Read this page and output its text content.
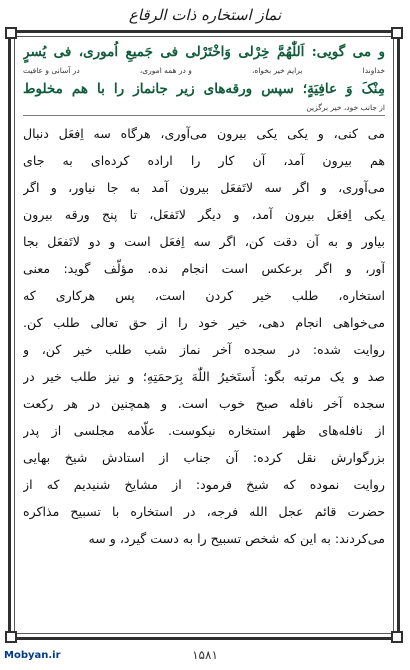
نماز استخاره ذات الرقاع
و می گویی: اَللّٰهُمَّ خِرْلی وَاخْتَرْلی فی جَمیعِ اُموری، فی یُسرٍ
خداوندا
برایم خیر بخواه،
و در همه اموری،
در آسانی و عافیت
مِنْکَ وَ عافِیَةٍ؛ سپس ورقه‌های زیر جانماز را با هم مخلوط
از جانب خود، خیر برگزین
می کنی، و یکی یکی بیرون می‌آوری، هرگاه سه اِفعَل دنبال
هم بیرون آمد، آن کار را اراده کرده‌ای به جای
می‌آوری، و اگر سه لاتَفعَل بیرون آمد به جا نیاور، و اگر
یکی اِفعَل بیرون آمد، و دیگر لاتَفعَل، تا پنج ورقه بیرون
بیاور و به آن دقت کن، اگر سه اِفعَل است و دو لاتَفعَل بجا
آور، و اگر برعکس است انجام نده. مؤلّف گوید: معنی
استخاره، طلب خیر کردن است، پس هرکاری که
می‌خواهی انجام دهی، خیر خود را از حق تعالی طلب کن.
روایت شده: در سجده آخر نماز شب طلب خیر کن، و
صد و یک مرتبه بگو: أَستَخیرُ اللّٰهَ بِرَحمَتِهِ؛ و نیز طلب خیر در
سجده آخر نافله صبح خوب است. و همچنین در هر رکعت
از نافله‌های ظهر استخاره نیکوست. علّامه مجلسی از پدر
بزرگوارش نقل کرده: آن جناب از استادش شیخ بهایی
روایت نموده که شیخ فرمود: از مشایخ شنیدیم که از
حضرت قائم عجل الله فرجه، در استخاره با تسبیح مذاکره
می‌کردند: به این که شخص تسبیح را به دست گیرد، و سه
Mobyan.ir	۱۵۸۱
